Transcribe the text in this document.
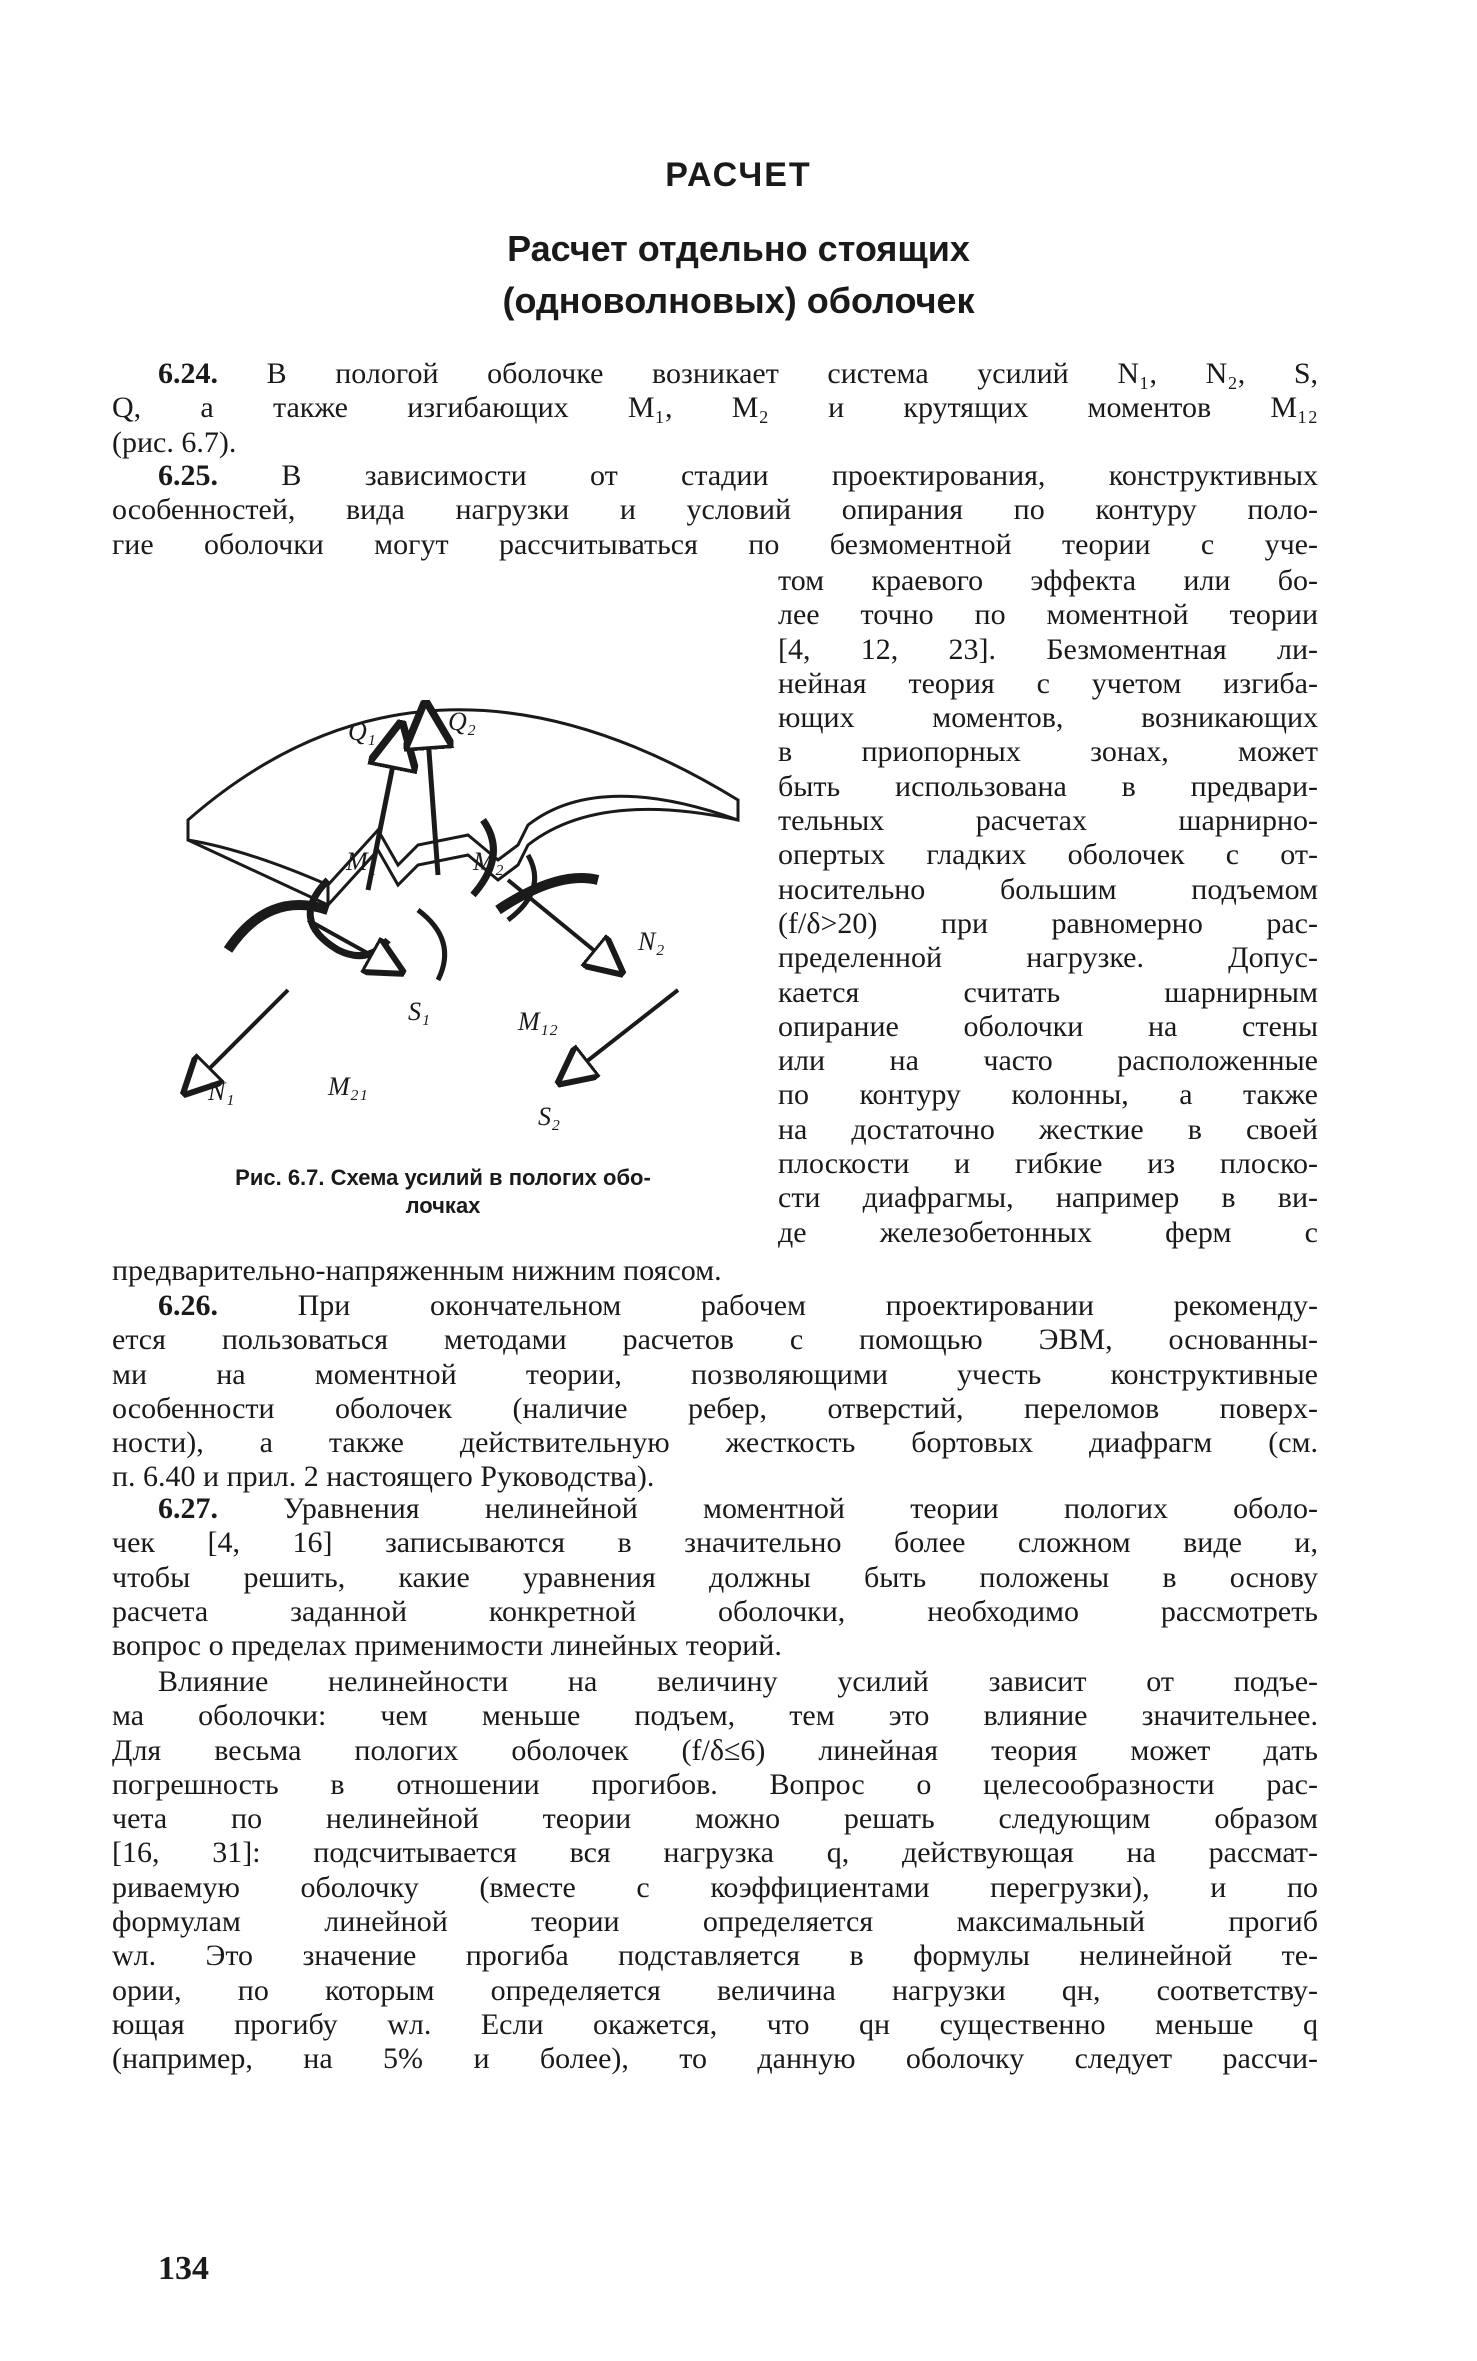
РАСЧЕТ
Расчет отдельно стоящих
(одноволновых) оболочек
6.24. В пологой оболочке возникает система усилий N₁, N₂, S,
Q, а также изгибающих M₁, M₂ и крутящих моментов M₁₂
(рис. 6.7).
6.25. В зависимости от стадии проектирования, конструктивных
особенностей, вида нагрузки и условий опирания по контуру поло-
гие оболочки могут рассчитываться по безмоментной теории с уче-
том краевого эффекта или бо-
лее точно по моментной теории
[4, 12, 23]. Безмоментная ли-
нейная теория с учетом изгиба-
ющих моментов, возникающих
в приопорных зонах, может
быть использована в предвари-
тельных расчетах шарнирно-
опертых гладких оболочек с от-
носительно большим подъемом
(f/δ>20) при равномерно рас-
пределенной нагрузке. Допус-
кается считать шарнирным
опирание оболочки на стены
или на часто расположенные
по контуру колонны, а также
на достаточно жесткие в своей
плоскости и гибкие из плоско-
сти диафрагмы, например в ви-
де железобетонных ферм с
предварительно-напряженным нижним поясом.
Q₁	Q₂
M₁	M₂
N₁
N₂
S₁
S₂
M₁₂
M₂₁
Рис. 6.7. Схема усилий в пологих обо-
лочках
6.26.	При окончательном рабочем проектировании рекоменду-
ется пользоваться методами расчетов с помощью ЭВМ, основанны-
ми на моментной теории, позволяющими учесть конструктивные
особенности оболочек (наличие ребер, отверстий, переломов поверх-
ности), а также действительную жесткость бортовых диафрагм (см.
п. 6.40 и прил. 2 настоящего Руководства).
6.27. Уравнения нелинейной моментной теории пологих оболо-
чек [4, 16] записываются в значительно более сложном виде и,
чтобы решить, какие уравнения должны быть положены в основу
расчета заданной конкретной оболочки, необходимо рассмотреть
вопрос о пределах применимости линейных теорий.
Влияние нелинейности на величину усилий зависит от подъе-
ма оболочки: чем меньше подъем, тем это влияние значительнее.
Для весьма пологих оболочек (f/δ≤6) линейная теория может дать
погрешность в отношении прогибов. Вопрос о целесообразности рас-
чета по нелинейной теории можно решать следующим образом
[16, 31]: подсчитывается вся нагрузка q, действующая на рассмат-
риваемую оболочку (вместе с коэффициентами перегрузки), и по
формулам линейной теории определяется максимальный прогиб
wл. Это значение прогиба подставляется в формулы нелинейной те-
ории, по которым определяется величина нагрузки qн, соответству-
ющая прогибу wл. Если окажется, что qн существенно меньше q
(например, на 5% и более), то данную оболочку следует рассчи-
134
